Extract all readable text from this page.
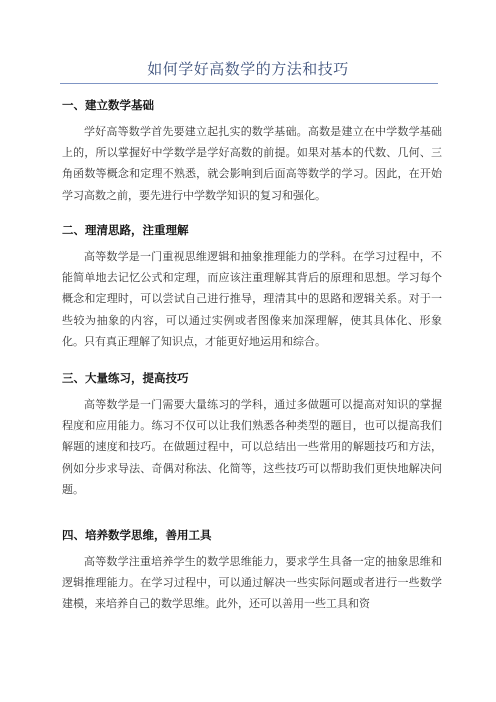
如何学好高数学的方法和技巧
一、建立数学基础
学好高等数学首先要建立起扎实的数学基础。高数是建立在中学数学基础上的，所以掌握好中学数学是学好高数的前提。如果对基本的代数、几何、三角函数等概念和定理不熟悉，就会影响到后面高等数学的学习。因此，在开始学习高数之前，要先进行中学数学知识的复习和强化。
二、理清思路，注重理解
高等数学是一门重视思维逻辑和抽象推理能力的学科。在学习过程中，不能简单地去记忆公式和定理，而应该注重理解其背后的原理和思想。学习每个概念和定理时，可以尝试自己进行推导，理清其中的思路和逻辑关系。对于一些较为抽象的内容，可以通过实例或者图像来加深理解，使其具体化、形象化。只有真正理解了知识点，才能更好地运用和综合。
三、大量练习，提高技巧
高等数学是一门需要大量练习的学科，通过多做题可以提高对知识的掌握程度和应用能力。练习不仅可以让我们熟悉各种类型的题目，也可以提高我们解题的速度和技巧。在做题过程中，可以总结出一些常用的解题技巧和方法，例如分步求导法、奇偶对称法、化简等，这些技巧可以帮助我们更快地解决问题。
四、培养数学思维，善用工具
高等数学注重培养学生的数学思维能力，要求学生具备一定的抽象思维和逻辑推理能力。在学习过程中，可以通过解决一些实际问题或者进行一些数学建模，来培养自己的数学思维。此外，还可以善用一些工具和资
